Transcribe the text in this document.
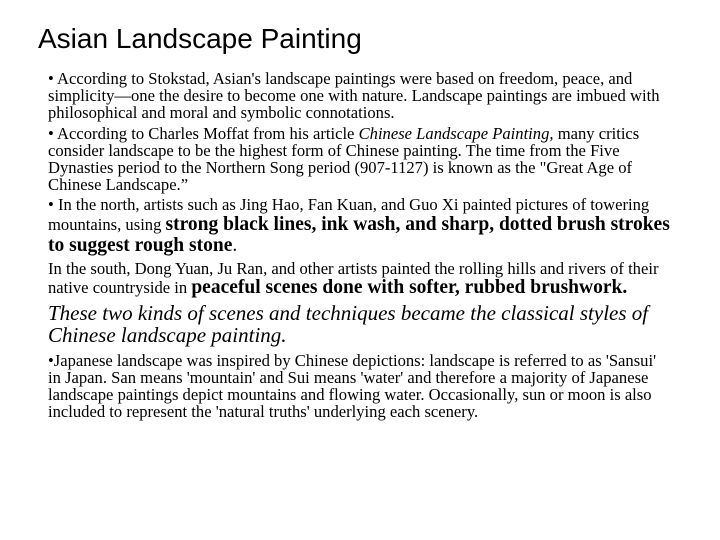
Asian Landscape Painting

• According to Stokstad, Asian's landscape paintings were based on freedom, peace, and simplicity—one the desire to become one with nature. Landscape paintings are imbued with philosophical and moral and symbolic connotations.

• According to Charles Moffat from his article Chinese Landscape Painting, many critics consider landscape to be the highest form of Chinese painting. The time from the Five Dynasties period to the Northern Song period (907-1127) is known as the "Great Age of Chinese Landscape.”

• In the north, artists such as Jing Hao, Fan Kuan, and Guo Xi painted pictures of towering mountains, using strong black lines, ink wash, and sharp, dotted brush strokes to suggest rough stone.

In the south, Dong Yuan, Ju Ran, and other artists painted the rolling hills and rivers of their native countryside in peaceful scenes done with softer, rubbed brushwork.

These two kinds of scenes and techniques became the classical styles of Chinese landscape painting.

•Japanese landscape was inspired by Chinese depictions: landscape is referred to as 'Sansui' in Japan. San means 'mountain' and Sui means 'water' and therefore a majority of Japanese landscape paintings depict mountains and flowing water. Occasionally, sun or moon is also included to represent the 'natural truths' underlying each scenery.
